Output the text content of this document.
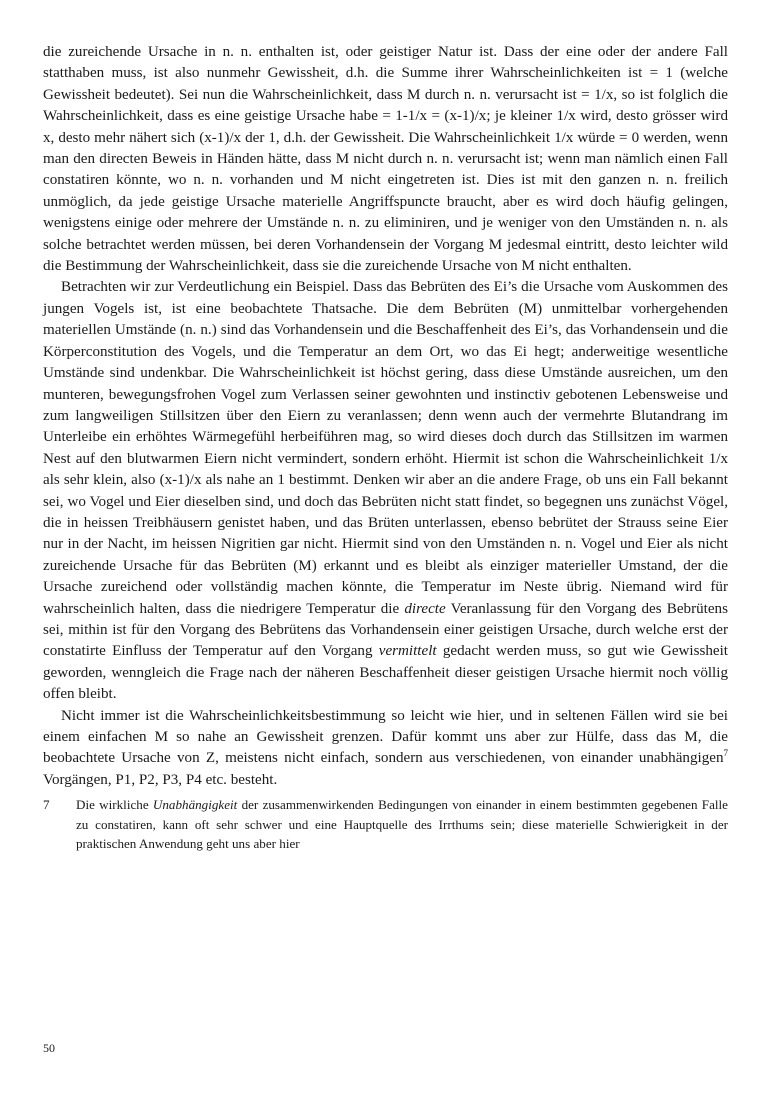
die zureichende Ursache in n. n. enthalten ist, oder geistiger Natur ist. Dass der eine oder der andere Fall statthaben muss, ist also nunmehr Gewissheit, d.h. die Summe ihrer Wahrscheinlichkeiten ist = 1 (welche Gewissheit bedeutet). Sei nun die Wahrscheinlichkeit, dass M durch n. n. verursacht ist = 1/x, so ist folglich die Wahrscheinlichkeit, dass es eine geistige Ursache habe = 1-1/x = (x-1)/x; je kleiner 1/x wird, desto grösser wird x, desto mehr nähert sich (x-1)/x der 1, d.h. der Gewissheit. Die Wahrscheinlichkeit 1/x würde = 0 werden, wenn man den directen Beweis in Händen hätte, dass M nicht durch n. n. verursacht ist; wenn man nämlich einen Fall constatiren könnte, wo n. n. vorhanden und M nicht eingetreten ist. Dies ist mit den ganzen n. n. freilich unmöglich, da jede geistige Ursache materielle Angriffspuncte braucht, aber es wird doch häufig gelingen, wenigstens einige oder mehrere der Umstände n. n. zu eliminiren, und je weniger von den Umständen n. n. als solche betrachtet werden müssen, bei deren Vorhandensein der Vorgang M jedesmal eintritt, desto leichter wild die Bestimmung der Wahrscheinlichkeit, dass sie die zureichende Ursache von M nicht enthalten.

Betrachten wir zur Verdeutlichung ein Beispiel. Dass das Bebrüten des Ei’s die Ursache vom Auskommen des jungen Vogels ist, ist eine beobachtete Thatsache. Die dem Bebrüten (M) unmittelbar vorhergehenden materiellen Umstände (n. n.) sind das Vorhandensein und die Beschaffenheit des Ei’s, das Vorhandensein und die Körperconstitution des Vogels, und die Temperatur an dem Ort, wo das Ei hegt; anderweitige wesentliche Umstände sind undenkbar. Die Wahrscheinlichkeit ist höchst gering, dass diese Umstände ausreichen, um den munteren, bewegungsfrohen Vogel zum Verlassen seiner gewohnten und instinctiv gebotenen Lebensweise und zum langweiligen Stillsitzen über den Eiern zu veranlassen; denn wenn auch der vermehrte Blutandrang im Unterleibe ein erhöhtes Wärmegefühl herbeiführen mag, so wird dieses doch durch das Stillsitzen im warmen Nest auf den blutwarmen Eiern nicht vermindert, sondern erhöht. Hiermit ist schon die Wahrscheinlichkeit 1/x als sehr klein, also (x-1)/x als nahe an 1 bestimmt. Denken wir aber an die andere Frage, ob uns ein Fall bekannt sei, wo Vogel und Eier dieselben sind, und doch das Bebrüten nicht statt findet, so begegnen uns zunächst Vögel, die in heissen Treibhäusern genistet haben, und das Brüten unterlassen, ebenso bebrütet der Strauss seine Eier nur in der Nacht, im heissen Nigritien gar nicht. Hiermit sind von den Umständen n. n. Vogel und Eier als nicht zureichende Ursache für das Bebrüten (M) erkannt und es bleibt als einziger materieller Umstand, der die Ursache zureichend oder vollständig machen könnte, die Temperatur im Neste übrig. Niemand wird für wahrscheinlich halten, dass die niedrigere Temperatur die directe Veranlassung für den Vorgang des Bebrütens sei, mithin ist für den Vorgang des Bebrütens das Vorhandensein einer geistigen Ursache, durch welche erst der constatirte Einfluss der Temperatur auf den Vorgang vermittelt gedacht werden muss, so gut wie Gewissheit geworden, wenngleich die Frage nach der näheren Beschaffenheit dieser geistigen Ursache hiermit noch völlig offen bleibt.

Nicht immer ist die Wahrscheinlichkeitsbestimmung so leicht wie hier, und in seltenen Fällen wird sie bei einem einfachen M so nahe an Gewissheit grenzen. Dafür kommt uns aber zur Hülfe, dass das M, die beobachtete Ursache von Z, meistens nicht einfach, sondern aus verschiedenen, von einander unabhängigen$^7$ Vorgängen, P1, P2, P3, P4 etc. besteht.

7	Die wirkliche Unabhängigkeit der zusammenwirkenden Bedingungen von einander in einem bestimmten gegebenen Falle zu constatiren, kann oft sehr schwer und eine Hauptquelle des Irrthums sein; diese materielle Schwierigkeit in der praktischen Anwendung geht uns aber hier
50
